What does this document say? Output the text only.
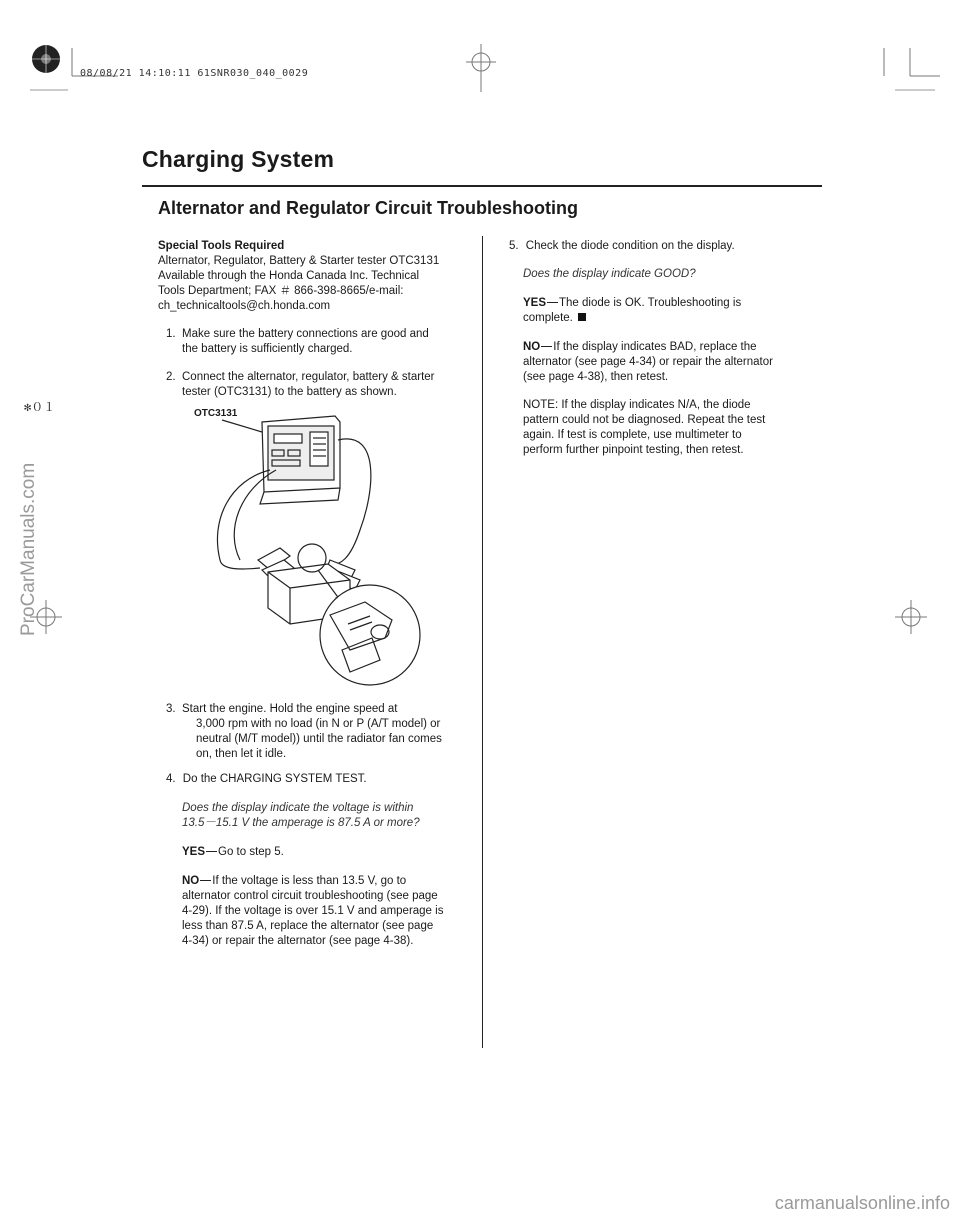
08/08/21 14:10:11 61SNR030_040_0029
Charging System
Alternator and Regulator Circuit Troubleshooting
✻０１
ProCarManuals.com
carmanualsonline.info
Special Tools Required
Alternator, Regulator, Battery & Starter tester OTC3131
Available through the Honda Canada Inc. Technical
Tools Department; FAX ＃ 866-398-8665/e-mail:
ch_technicaltools@ch.honda.com
1. Make sure the battery connections are good and
the battery is sufficiently charged.
2. Connect the alternator, regulator, battery & starter
tester (OTC3131) to the battery as shown.
OTC3131
3. Start the engine. Hold the engine speed at
3,000 rpm with no load (in N or P (A/T model) or
neutral (M/T model)) until the radiator fan comes
on, then let it idle.
4. Do the CHARGING SYSTEM TEST.
Does the display indicate the voltage is within
13.5－15.1 V the amperage is 87.5 A or more?
YES Go to step 5.
NO If the voltage is less than 13.5 V, go to
alternator control circuit troubleshooting (see page
4-29). If the voltage is over 15.1 V and amperage is
less than 87.5 A, replace the alternator (see page
4-34) or repair the alternator (see page 4-38).
5. Check the diode condition on the display.
Does the display indicate GOOD?
YES The diode is OK. Troubleshooting is
complete.
NO If the display indicates BAD, replace the
alternator (see page 4-34) or repair the alternator
(see page 4-38), then retest.
NOTE: If the display indicates N/A, the diode
pattern could not be diagnosed. Repeat the test
again. If test is complete, use multimeter to
perform further pinpoint testing, then retest.
